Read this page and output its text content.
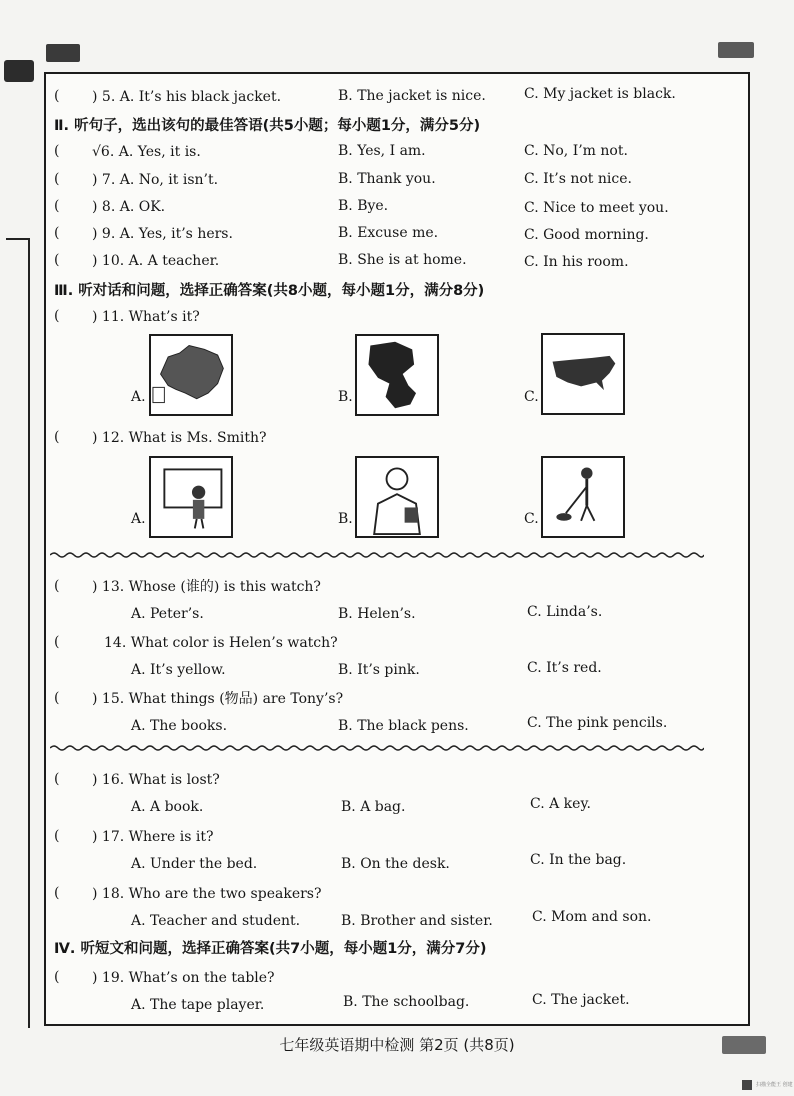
( ) 5. A. It’s his black jacket.	B. The jacket is nice.	C. My jacket is black.
Ⅱ. 听句子，选出该句的最佳答语(共5小题；每小题1分，满分5分)
( √6. A. Yes, it is.	B. Yes, I am.	C. No, I’m not.
( ) 7. A. No, it isn’t.	B. Thank you.	C. It’s not nice.
( ) 8. A. OK.	B. Bye.	C. Nice to meet you.
( ) 9. A. Yes, it’s hers.	B. Excuse me.	C. Good morning.
( ) 10. A. A teacher.	B. She is at home.	C. In his room.
Ⅲ. 听对话和问题，选择正确答案(共8小题，每小题1分，满分8分)
( ) 11. What’s it?
A.	B.	C.
( ) 12. What is Ms. Smith?
A.	B.	C.
( ) 13. Whose (谁的) is this watch?
A. Peter’s.	B. Helen’s.	C. Linda’s.
(	14. What color is Helen’s watch?
A. It’s yellow.	B. It’s pink.	C. It’s red.
( ) 15. What things (物品) are Tony’s?
A. The books.	B. The black pens.	C. The pink pencils.
( ) 16. What is lost?
A. A book.	B. A bag.	C. A key.
( ) 17. Where is it?
A. Under the bed.	B. On the desk.	C. In the bag.
( ) 18. Who are the two speakers?
A. Teacher and student.	B. Brother and sister.	C. Mom and son.
Ⅳ. 听短文和问题，选择正确答案(共7小题，每小题1分，满分7分)
( ) 19. What’s on the table?
A. The tape player.	B. The schoolbag.	C. The jacket.
七年级英语期中检测 第2页 (共8页)
扫描全能王 创建
